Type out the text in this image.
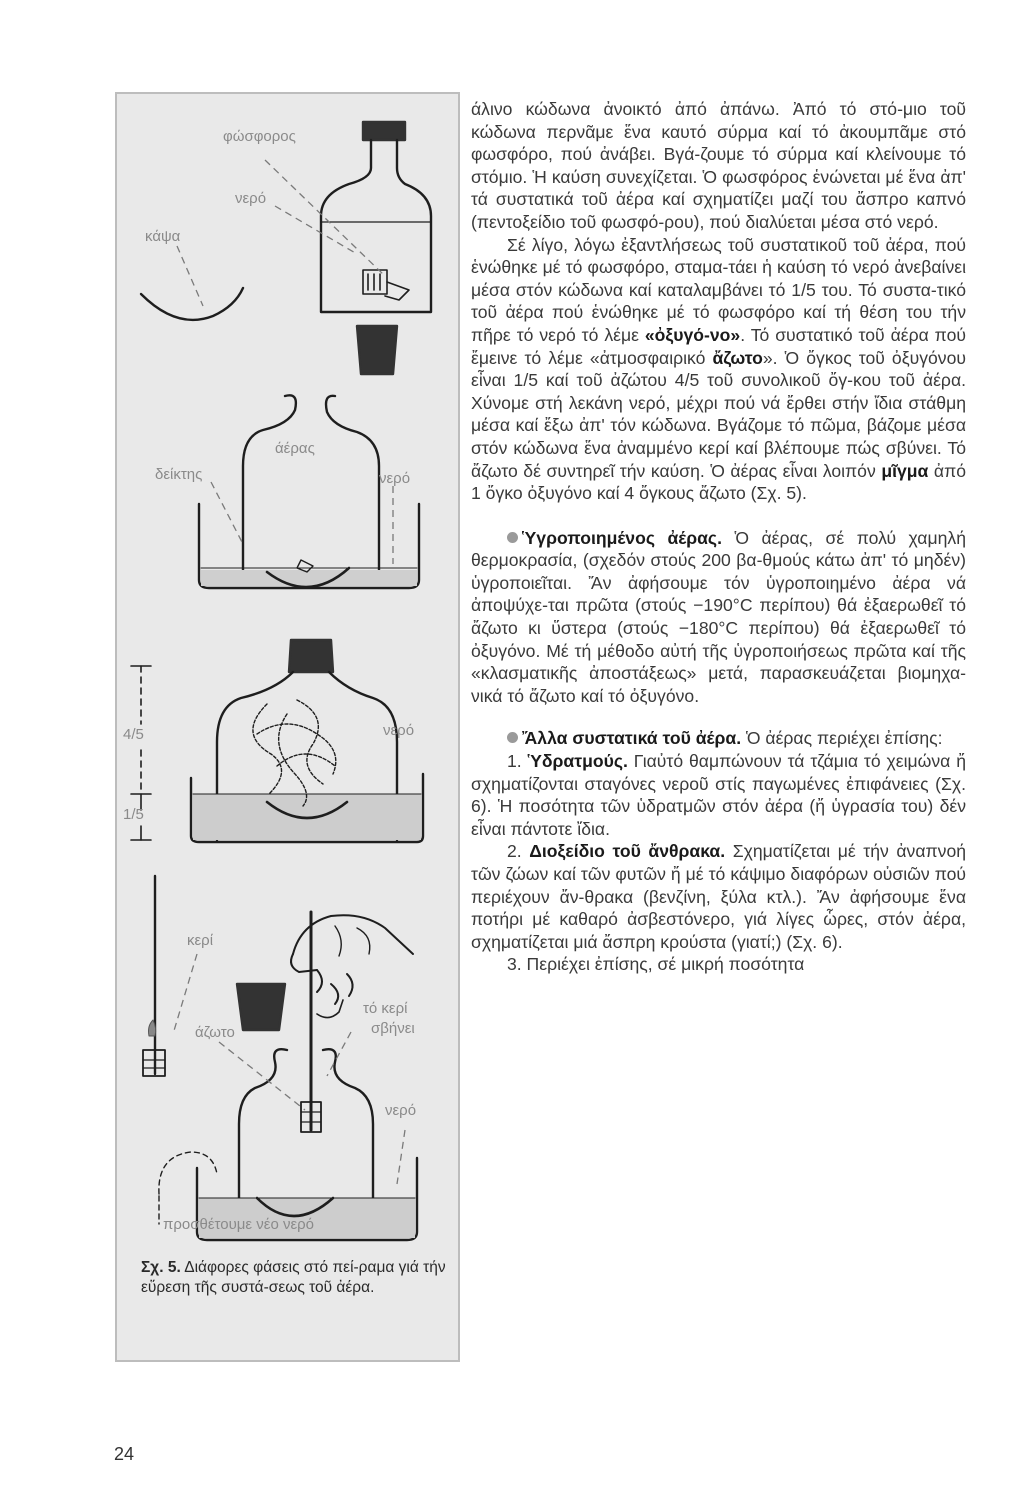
φώσφορος
νερό
κάψα
άέρας
δείκτης	νερό
νερό
4/5
1/5
κερί
άζωτο
τό κερί
σβήνει
νερό
προσθέτουμε νέο νερό
Σχ. 5. Διάφορες φάσεις στό πεί-ραμα γιά τήν εὕρεση τῆς συστά-σεως τοῦ ἀέρα.

άλινο κώδωνα ἀνοικτό ἀπό ἀπάνω. Ἀπό τό στό-μιο τοῦ κώδωνα περνᾶμε ἕνα καυτό σύρμα καί τό ἀκουμπᾶμε στό φωσφόρο, πού ἀνάβει. Βγά-ζουμε τό σύρμα καί κλείνουμε τό στόμιο. Ἡ καύση συνεχίζεται. Ὁ φωσφόρος ἑνώνεται μέ ἕνα ἀπ' τά συστατικά τοῦ ἀέρα καί σχηματίζει μαζί του ἄσπρο καπνό (πεντοξείδιο τοῦ φωσφό-ρου), πού διαλύεται μέσα στό νερό.

Σέ λίγο, λόγω ἐξαντλήσεως τοῦ συστατικοῦ τοῦ ἀέρα, πού ἑνώθηκε μέ τό φωσφόρο, σταμα-τάει ἡ καύση τό νερό ἀνεβαίνει μέσα στόν κώδωνα καί καταλαμβάνει τό 1/5 του. Τό συστα-τικό τοῦ ἀέρα πού ἑνώθηκε μέ τό φωσφόρο καί τή θέση του τήν πῆρε τό νερό τό λέμε «ὀξυγό-νο». Τό συστατικό τοῦ ἀέρα πού ἔμεινε τό λέμε «ἀτμοσφαιρικό ἄζωτο». Ὁ ὄγκος τοῦ ὀξυγόνου εἶναι 1/5 καί τοῦ ἀζώτου 4/5 τοῦ συνολικοῦ ὄγ-κου τοῦ ἀέρα. Χύνομε στή λεκάνη νερό, μέχρι πού νά ἔρθει στήν ἴδια στάθμη μέσα καί ἔξω ἀπ' τόν κώδωνα. Βγάζομε τό πῶμα, βάζομε μέσα στόν κώδωνα ἕνα ἀναμμένο κερί καί βλέπουμε πώς σβύνει. Τό ἄζωτο δέ συντηρεῖ τήν καύση. Ὁ ἀέρας εἶναι λοιπόν μῖγμα ἀπό 1 ὄγκο ὀξυγόνο καί 4 ὄγκους ἄζωτο (Σχ. 5).

Ὑγροποιημένος ἀέρας. Ὁ ἀέρας, σέ πολύ χαμηλή θερμοκρασία, (σχεδόν στούς 200 βα-θμούς κάτω ἀπ' τό μηδέν) ὑγροποιεῖται. Ἄν ἀφήσουμε τόν ὑγροποιημένο ἀέρα νά ἀποψύχε-ται πρῶτα (στούς −190°C περίπου) θά ἐξαερωθεῖ τό ἄζωτο κι ὕστερα (στούς −180°C περίπου) θά ἐξαερωθεῖ τό ὀξυγόνο. Μέ τή μέθοδο αὐτή τῆς ὑγροποιήσεως πρῶτα καί τῆς «κλασματικῆς ἀποστάξεως» μετά, παρασκευάζεται βιομηχα-νικά τό ἄζωτο καί τό ὀξυγόνο.

Ἄλλα συστατικά τοῦ ἀέρα. Ὁ ἀέρας περιέχει ἐπίσης:

1. Ὑδρατμούς. Γιαὐτό θαμπώνουν τά τζάμια τό χειμώνα ἤ σχηματίζονται σταγόνες νεροῦ στίς παγωμένες ἐπιφάνειες (Σχ. 6). Ἡ ποσότητα τῶν ὑδρατμῶν στόν ἀέρα (ἤ ὑγρασία του) δέν εἶναι πάντοτε ἴδια.

2. Διοξείδιο τοῦ ἄνθρακα. Σχηματίζεται μέ τήν ἀναπνοή τῶν ζώων καί τῶν φυτῶν ἤ μέ τό κάψιμο διαφόρων οὐσιῶν πού περιέχουν ἄν-θρακα (βενζίνη, ξύλα κτλ.). Ἄν ἀφήσουμε ἕνα ποτήρι μέ καθαρό ἀσβεστόνερο, γιά λίγες ὧρες, στόν ἀέρα, σχηματίζεται μιά ἄσπρη κρούστα (γιατί;) (Σχ. 6).

3. Περιέχει ἐπίσης, σέ μικρή ποσότητα

24
